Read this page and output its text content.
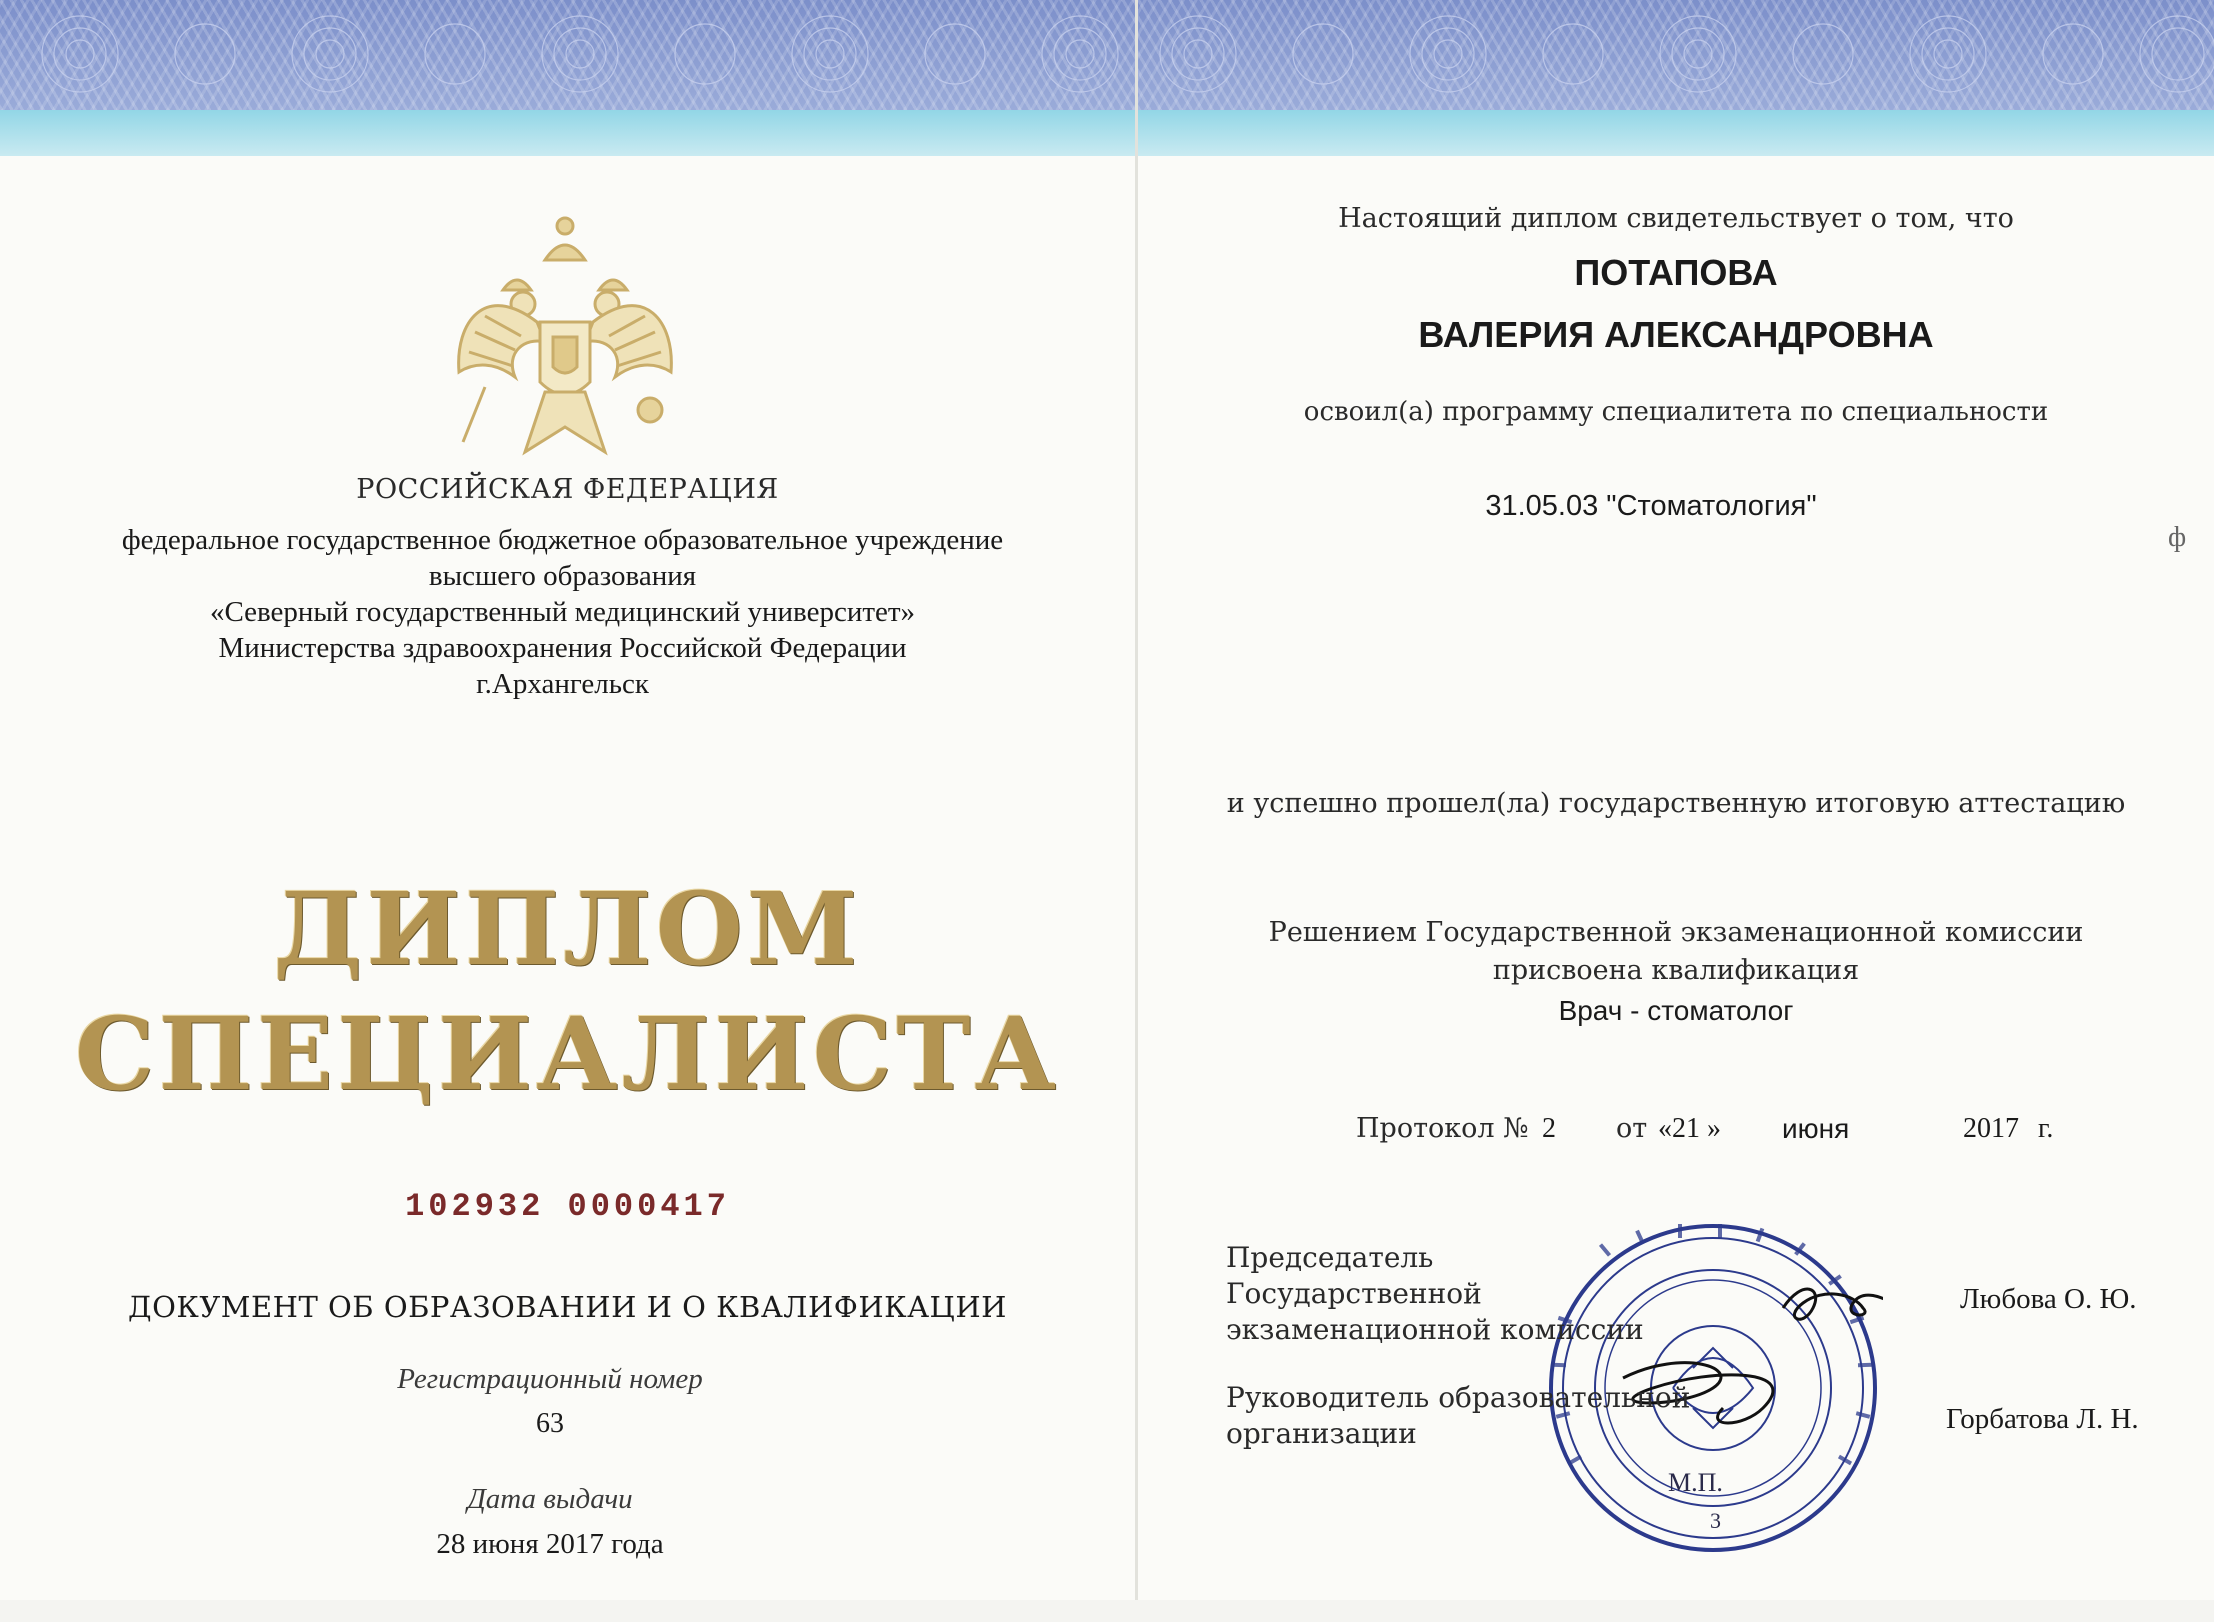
РОССИЙСКАЯ ФЕДЕРАЦИЯ
федеральное государственное бюджетное образовательное учреждение
высшего образования
«Северный государственный медицинский университет»
Министерства здравоохранения Российской Федерации
г.Архангельск
ДИПЛОМ
СПЕЦИАЛИСТА
102932 0000417
ДОКУМЕНТ ОБ ОБРАЗОВАНИИ И О КВАЛИФИКАЦИИ
Регистрационный номер
63
Дата выдачи
28 июня 2017 года
Настоящий диплом свидетельствует о том, что
ПОТАПОВА
ВАЛЕРИЯ АЛЕКСАНДРОВНА
освоил(а) программу специалитета по специальности
31.05.03 "Стоматология"
ф
и успешно прошел(ла) государственную итоговую аттестацию
Решением Государственной экзаменационной комиссии
присвоена квалификация
Врач - стоматолог
Протокол № 2 от «21 » июня	2017 г.
Председатель
Государственной
экзаменационной комиссии
Любова О. Ю.
Руководитель образовательной
организации	Горбатова Л. Н.
М.П.
3
